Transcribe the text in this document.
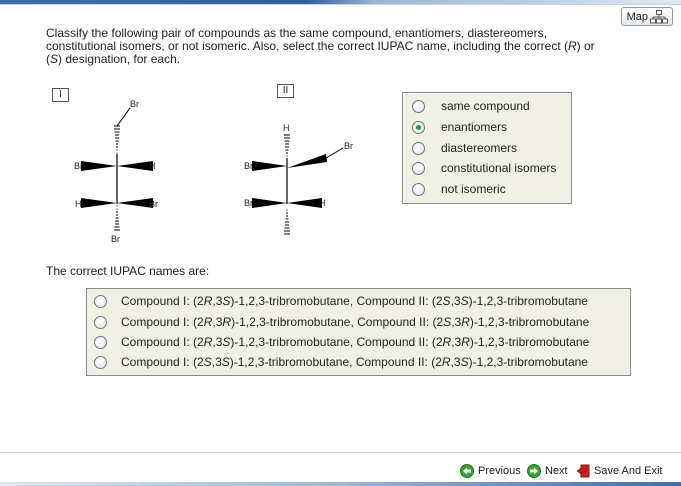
Map
Classify the following pair of compounds as the same compound, enantiomers, diastereomers,
constitutional isomers, or not isomeric. Also, select the correct IUPAC name, including the correct (R) or
(S) designation, for each.
I	II
Br
Br	H
H	Br
Br
H
Br
Br
Br	H
same compound
enantiomers
diastereomers
constitutional isomers
not isomeric
The correct IUPAC names are:
Compound I: (2R,3S)-1,2,3-tribromobutane, Compound II: (2S,3S)-1,2,3-tribromobutane
Compound I: (2R,3R)-1,2,3-tribromobutane, Compound II: (2S,3R)-1,2,3-tribromobutane
Compound I: (2R,3S)-1,2,3-tribromobutane, Compound II: (2R,3R)-1,2,3-tribromobutane
Compound I: (2S,3S)-1,2,3-tribromobutane, Compound II: (2R,3S)-1,2,3-tribromobutane
Previous Next Save And Exit
